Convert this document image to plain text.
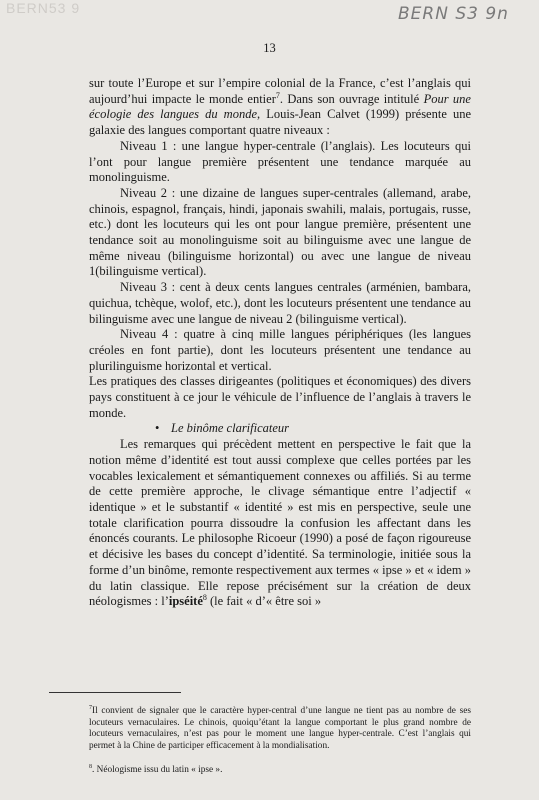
BERN53 9	BERN S3 9n
13

sur toute l’Europe et sur l’empire colonial de la France, c’est l’anglais qui aujourd’hui impacte le monde entier$^7$. Dans son ouvrage intitulé Pour une écologie des langues du monde, Louis-Jean Calvet (1999) présente une galaxie des langues comportant quatre niveaux :

Niveau 1 : une langue hyper-centrale (l’anglais). Les locuteurs qui l’ont pour langue première présentent une tendance marquée au monolinguisme.

Niveau 2 : une dizaine de langues super-centrales (allemand, arabe, chinois, espagnol, français, hindi, japonais swahili, malais, portugais, russe, etc.) dont les locuteurs qui les ont pour langue première, présentent une tendance soit au monolinguisme soit au bilinguisme avec une langue de même niveau (bilinguisme horizontal) ou avec une langue de niveau 1(bilinguisme vertical).

Niveau 3 : cent à deux cents langues centrales (arménien, bambara, quichua, tchèque, wolof, etc.), dont les locuteurs présentent une tendance au bilinguisme avec une langue de niveau 2 (bilinguisme vertical).

Niveau 4 : quatre à cinq mille langues périphériques (les langues créoles en font partie), dont les locuteurs présentent une tendance au plurilinguisme horizontal et vertical.

Les pratiques des classes dirigeantes (politiques et économiques) des divers pays constituent à ce jour le véhicule de l’influence de l’anglais à travers le monde.

• Le binôme clarificateur

Les remarques qui précèdent mettent en perspective le fait que la notion même d’identité est tout aussi complexe que celles portées par les vocables lexicalement et sémantiquement connexes ou affiliés. Si au terme de cette première approche, le clivage sémantique entre l’adjectif « identique » et le substantif « identité » est mis en perspective, seule une totale clarification pourra dissoudre la confusion les affectant dans les énoncés courants. Le philosophe Ricoeur (1990) a posé de façon rigoureuse et décisive les bases du concept d’identité. Sa terminologie, initiée sous la forme d’un binôme, remonte respectivement aux termes « ipse » et « idem » du latin classique. Elle repose précisément sur la création de deux néologismes : l’ipséité$^8$ (le fait « d’« être soi »

$^7$Il convient de signaler que le caractère hyper-central d’une langue ne tient pas au nombre de ses locuteurs vernaculaires. Le chinois, quoiqu’étant la langue comportant le plus grand nombre de locuteurs vernaculaires, n’est pas pour le moment une langue hyper-centrale. C’est l’anglais qui permet à la Chine de participer efficacement à la mondialisation.

$^8$. Néologisme issu du latin « ipse ».
